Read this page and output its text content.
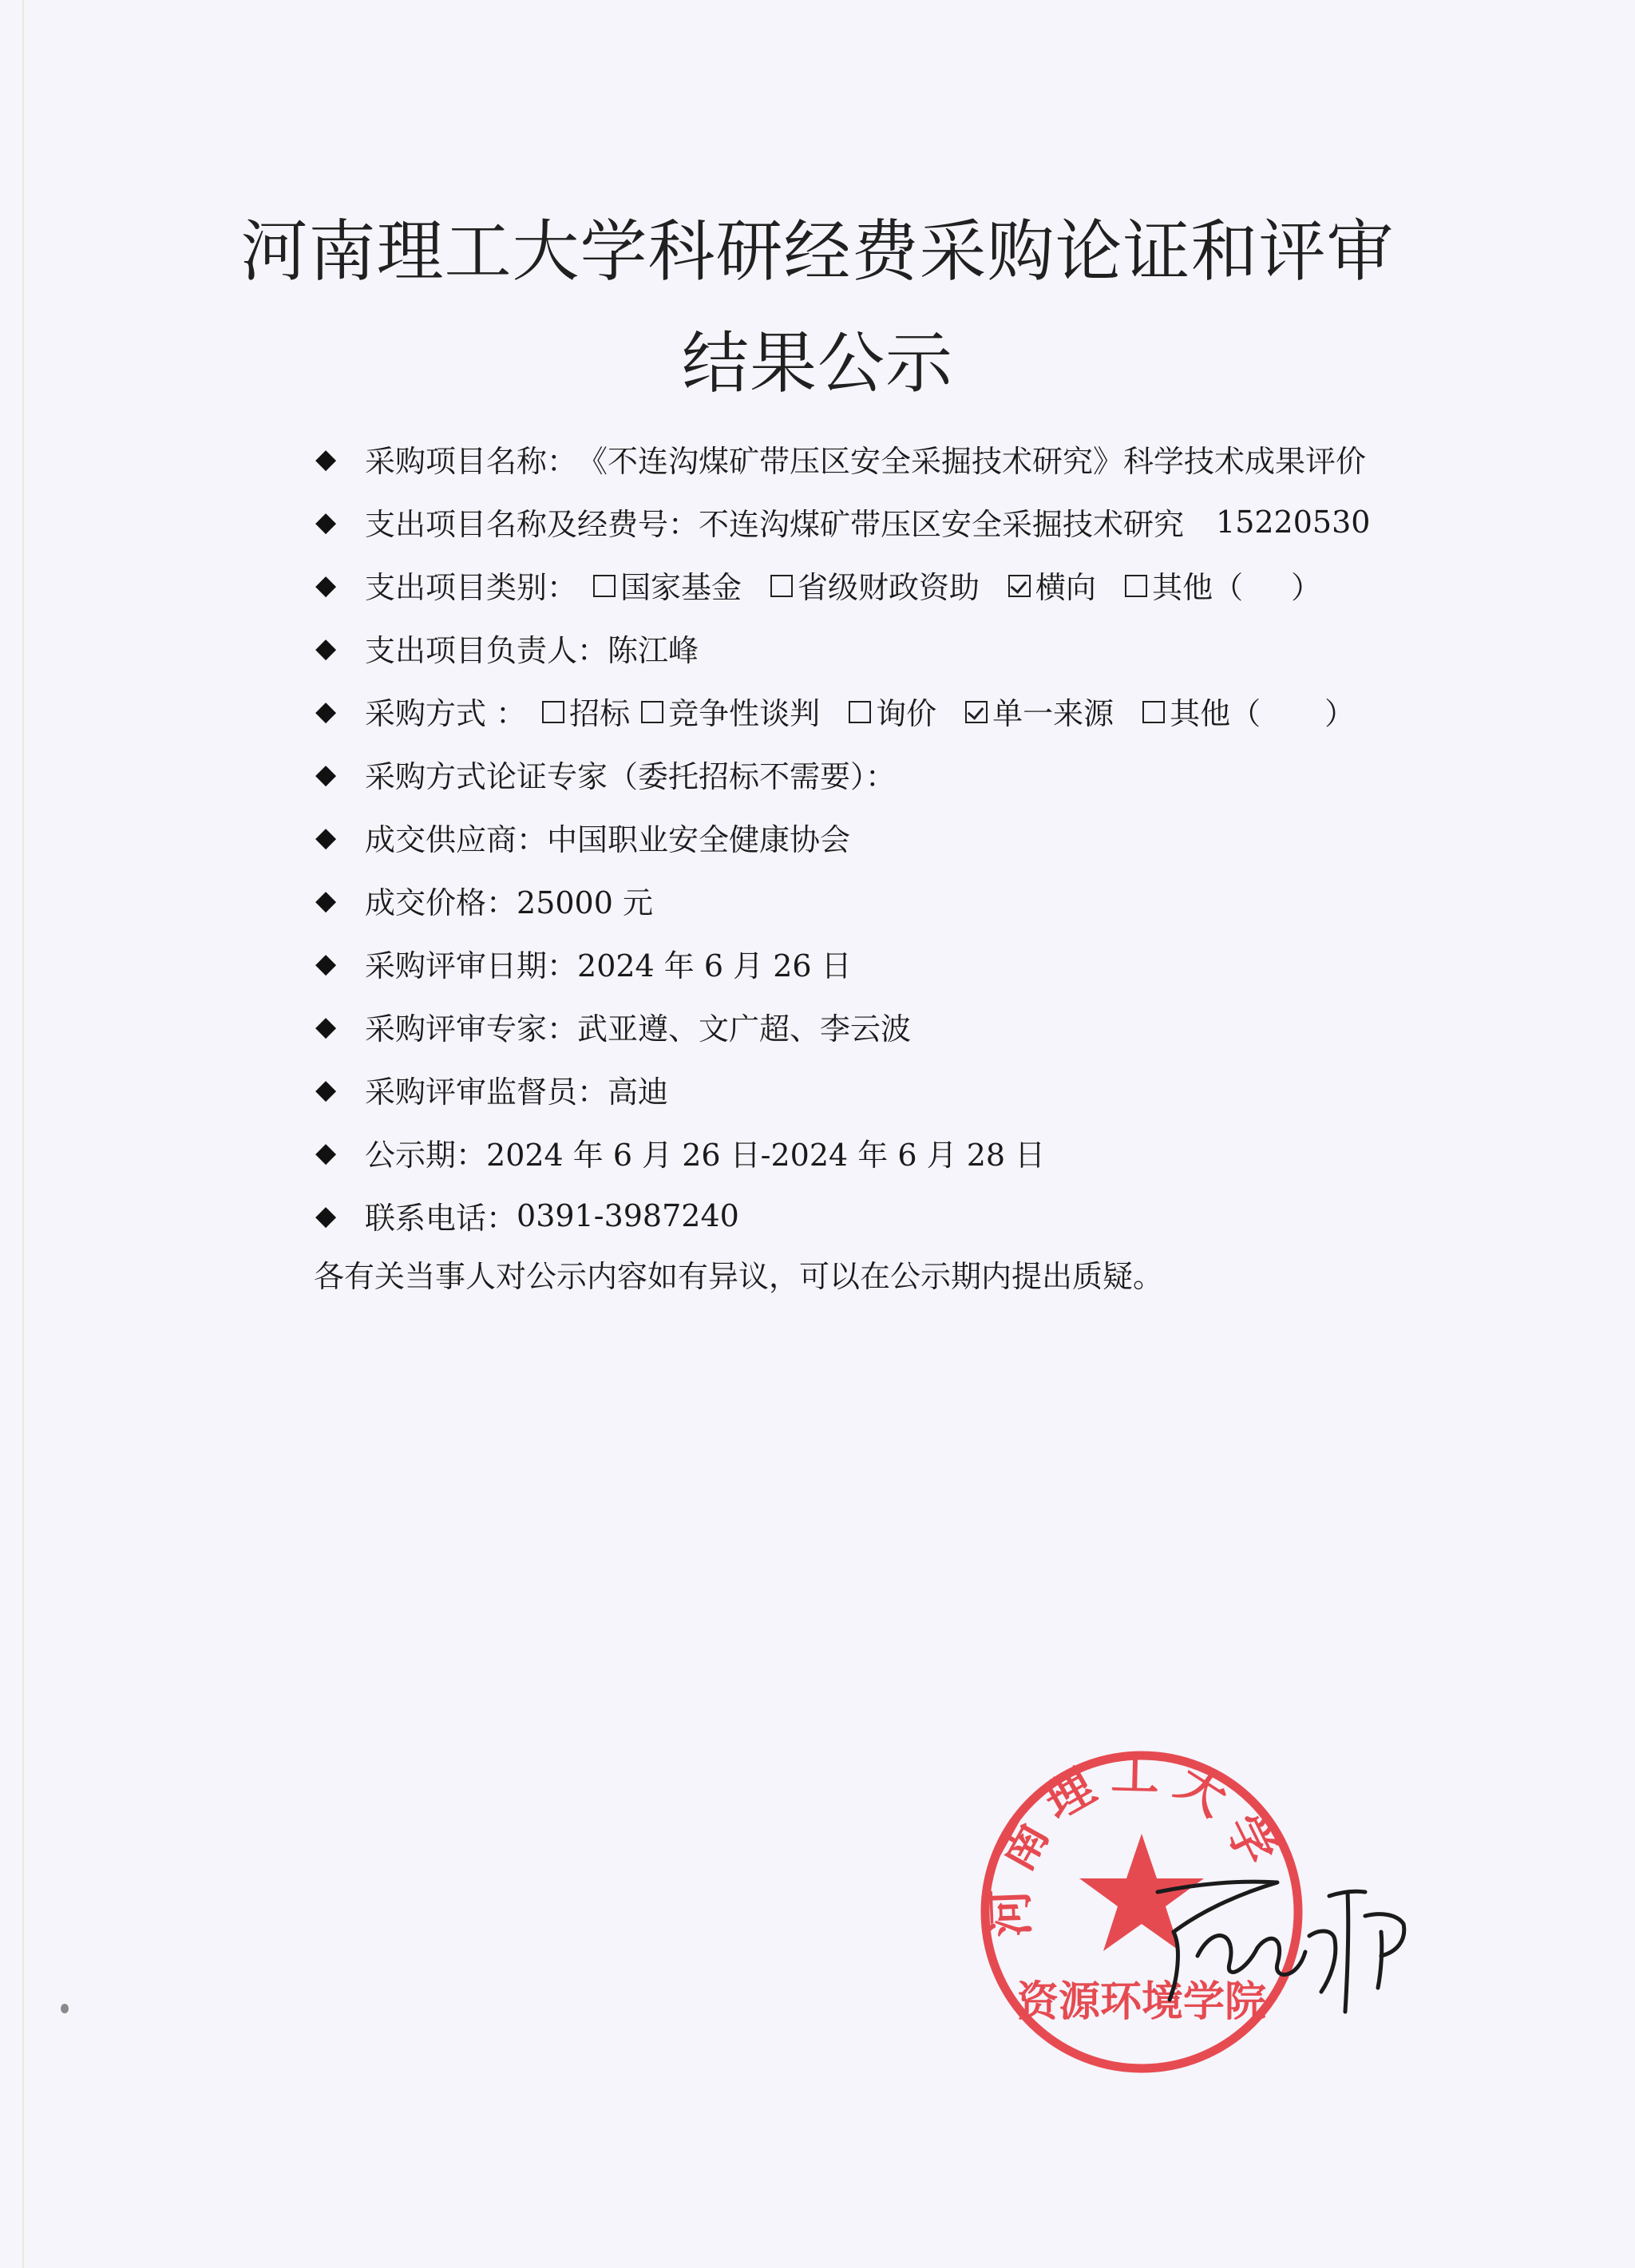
河南理工大学科研经费采购论证和评审
结果公示
◆ 采购项目名称： 《不连沟煤矿带压区安全采掘技术研究》科学技术成果评价
◆ 支出项目名称及经费号： 不连沟煤矿带压区安全采掘技术研究 15220530
◆ 支出项目类别： 国家基金 省级财政资助 横向 其他（ ）
◆ 支出项目负责人： 陈江峰
◆ 采购方式 ： 招标 竞争性谈判 询价 单一来源 其他（ ）
◆ 采购方式论证专家（委托招标不需要）：
◆ 成交供应商： 中国职业安全健康协会
◆ 成交价格： 25000 元
◆ 采购评审日期： 2024 年 6 月 26 日
◆ 采购评审专家： 武亚遵、文广超、李云波
◆ 采购评审监督员： 高迪
◆ 公示期： 2024 年 6 月 26 日-2024 年 6 月 28 日
◆ 联系电话： 0391-3987240

各有关当事人对公示内容如有异议，可以在公示期内提出质疑。

河南理工大学
资源环境学院
